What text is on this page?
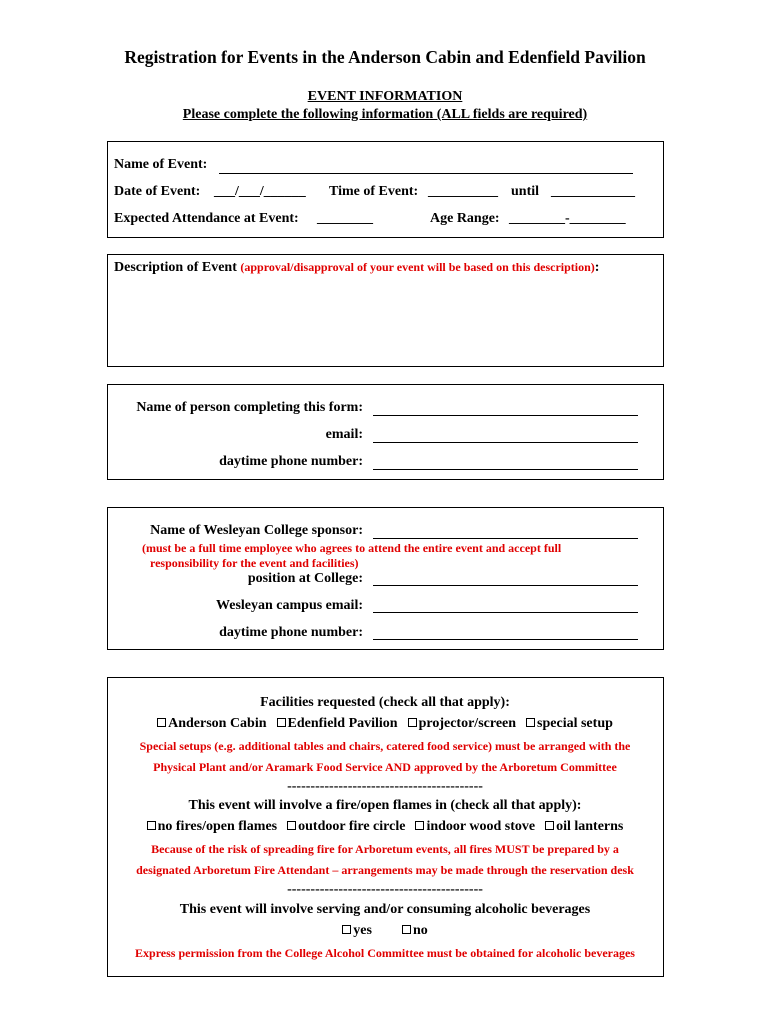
Registration for Events in the Anderson Cabin and Edenfield Pavilion
EVENT INFORMATION
Please complete the following information (ALL fields are required)
Name of Event:
Date of Event: ___/___/______ Time of Event: __________ until ____________
Expected Attendance at Event: ________	Age Range: ________-________
Description of Event (approval/disapproval of your event will be based on this description):
Name of person completing this form:
email:
daytime phone number:
Name of Wesleyan College sponsor:
(must be a full time employee who agrees to attend the entire event and accept full
responsibility for the event and facilities)
position at College:
Wesleyan campus email:
daytime phone number:
Facilities requested (check all that apply):
Anderson Cabin Edenfield Pavilion projector/screen special setup
Special setups (e.g. additional tables and chairs, catered food service) must be arranged with the
Physical Plant and/or Aramark Food Service AND approved by the Arboretum Committee
------------------------------------------
This event will involve a fire/open flames in (check all that apply):
no fires/open flames outdoor fire circle indoor wood stove oil lanterns
Because of the risk of spreading fire for Arboretum events, all fires MUST be prepared by a
designated Arboretum Fire Attendant – arrangements may be made through the reservation desk
------------------------------------------
This event will involve serving and/or consuming alcoholic beverages
yes	no
Express permission from the College Alcohol Committee must be obtained for alcoholic beverages
